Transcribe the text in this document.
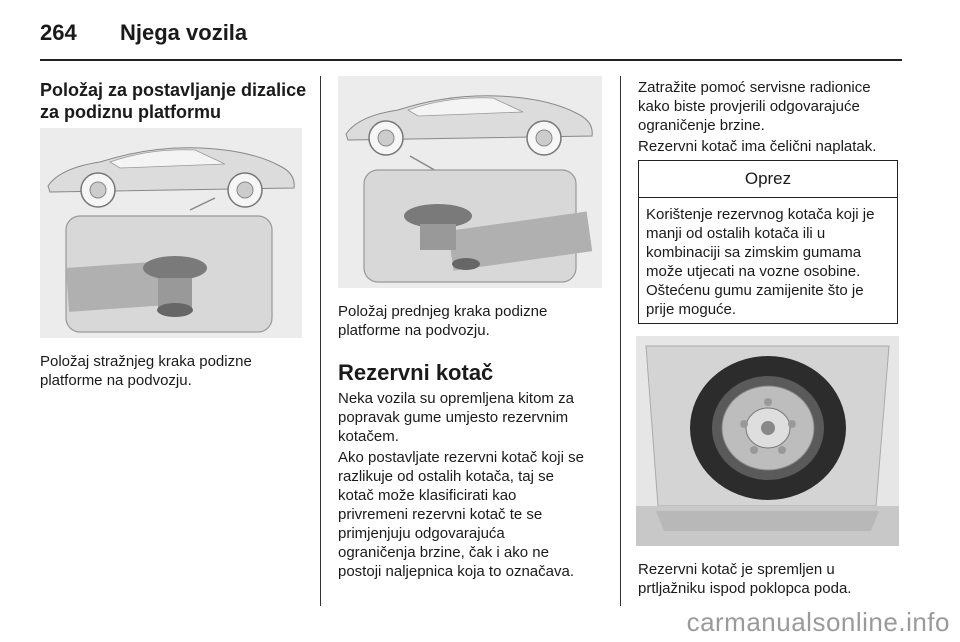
264 Njega vozila
Položaj za postavljanje dizalice
za podiznu platformu
Položaj stražnjeg kraka podizne
platforme na podvozju.
Položaj prednjeg kraka podizne
platforme na podvozju.
Rezervni kotač
Neka vozila su opremljena kitom za
popravak gume umjesto rezervnim
kotačem.
Ako postavljate rezervni kotač koji se
razlikuje od ostalih kotača, taj se
kotač može klasificirati kao
privremeni rezervni kotač te se
primjenjuju odgovarajuća
ograničenja brzine, čak i ako ne
postoji naljepnica koja to označava.
Zatražite pomoć servisne radionice
kako biste provjerili odgovarajuće
ograničenje brzine.
Rezervni kotač ima čelični naplatak.
Oprez
Korištenje rezervnog kotača koji je
manji od ostalih kotača ili u
kombinaciji sa zimskim gumama
može utjecati na vozne osobine.
Oštećenu gumu zamijenite što je
prije moguće.
Rezervni kotač je spremljen u
prtljažniku ispod poklopca poda.
carmanualsonline.info
